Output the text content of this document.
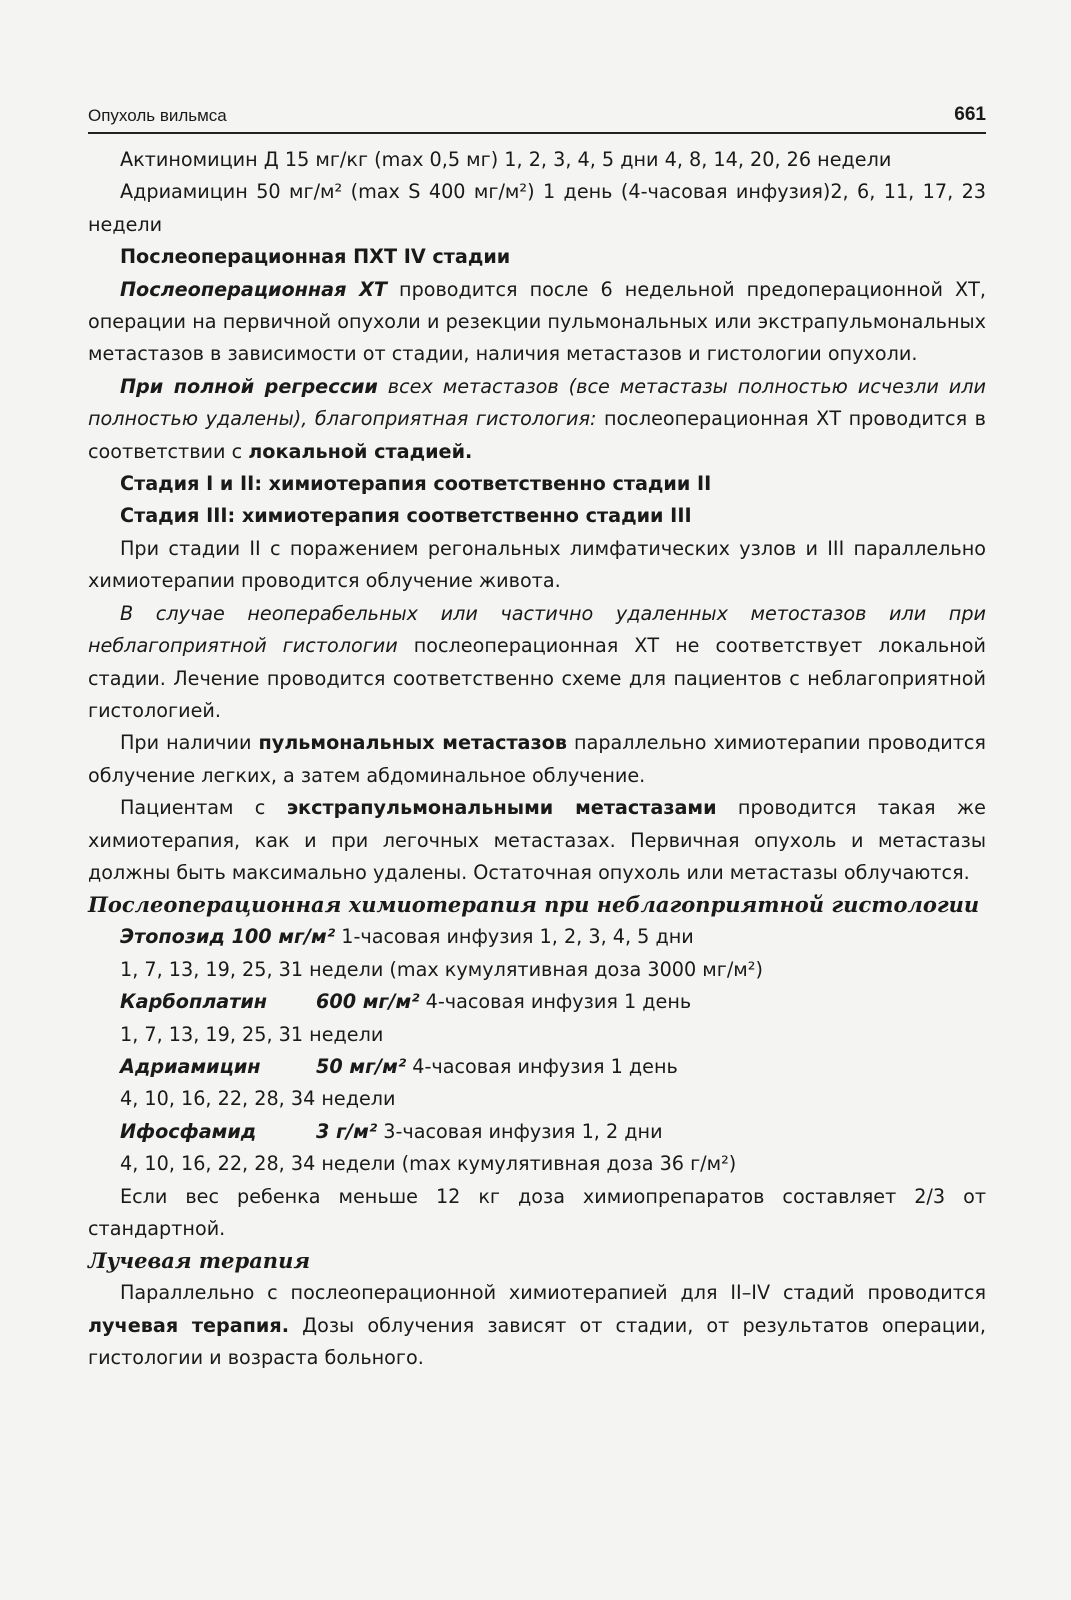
Опухоль вильмса	661

Актиномицин Д 15 мг/кг (max 0,5 мг) 1, 2, 3, 4, 5 дни 4, 8, 14, 20, 26 недели

Адриамицин 50 мг/м² (max S 400 мг/м²) 1 день (4-часовая инфузия)2, 6, 11, 17, 23 недели

Послеоперационная ПХТ IV стадии

Послеоперационная ХТ проводится после 6 недельной предоперационной ХТ, операции на первичной опухоли и резекции пульмональных или экстрапульмональных метастазов в зависимости от стадии, наличия метастазов и гистологии опухоли.

При полной регрессии всех метастазов (все метастазы полностью исчезли или полностью удалены), благоприятная гистология: послеоперационная ХТ проводится в соответствии с локальной стадией.

Стадия I и II: химиотерапия соответственно стадии II

Стадия III: химиотерапия соответственно стадии III

При стадии II с поражением регональных лимфатических узлов и III параллельно химиотерапии проводится облучение живота.

В случае неоперабельных или частично удаленных метостазов или при неблагоприятной гистологии послеоперационная ХТ не соответствует локальной стадии. Лечение проводится соответственно схеме для пациентов с неблагоприятной гистологией.

При наличии пульмональных метастазов параллельно химиотерапии проводится облучение легких, а затем абдоминальное облучение.

Пациентам с экстрапульмональными метастазами проводится такая же химиотерапия, как и при легочных метастазах. Первичная опухоль и метастазы должны быть максимально удалены. Остаточная опухоль или метастазы облучаются.

Послеоперационная химиотерапия при неблагоприятной гистологии

Этопозид 100 мг/м² 1-часовая инфузия 1, 2, 3, 4, 5 дни

1, 7, 13, 19, 25, 31 недели (max кумулятивная доза 3000 мг/м²)

Карбоплатин	600 мг/м² 4-часовая инфузия 1 день

1, 7, 13, 19, 25, 31 недели

Адриамицин	50 мг/м² 4-часовая инфузия 1 день

4, 10, 16, 22, 28, 34 недели

Ифосфамид	3 г/м² 3-часовая инфузия 1, 2 дни

4, 10, 16, 22, 28, 34 недели (max кумулятивная доза 36 г/м²)

Если вес ребенка меньше 12 кг доза химиопрепаратов составляет 2/3 от стандартной.

Лучевая терапия

Параллельно с послеоперационной химиотерапией для II–IV стадий проводится лучевая терапия. Дозы облучения зависят от стадии, от результатов операции, гистологии и возраста больного.
